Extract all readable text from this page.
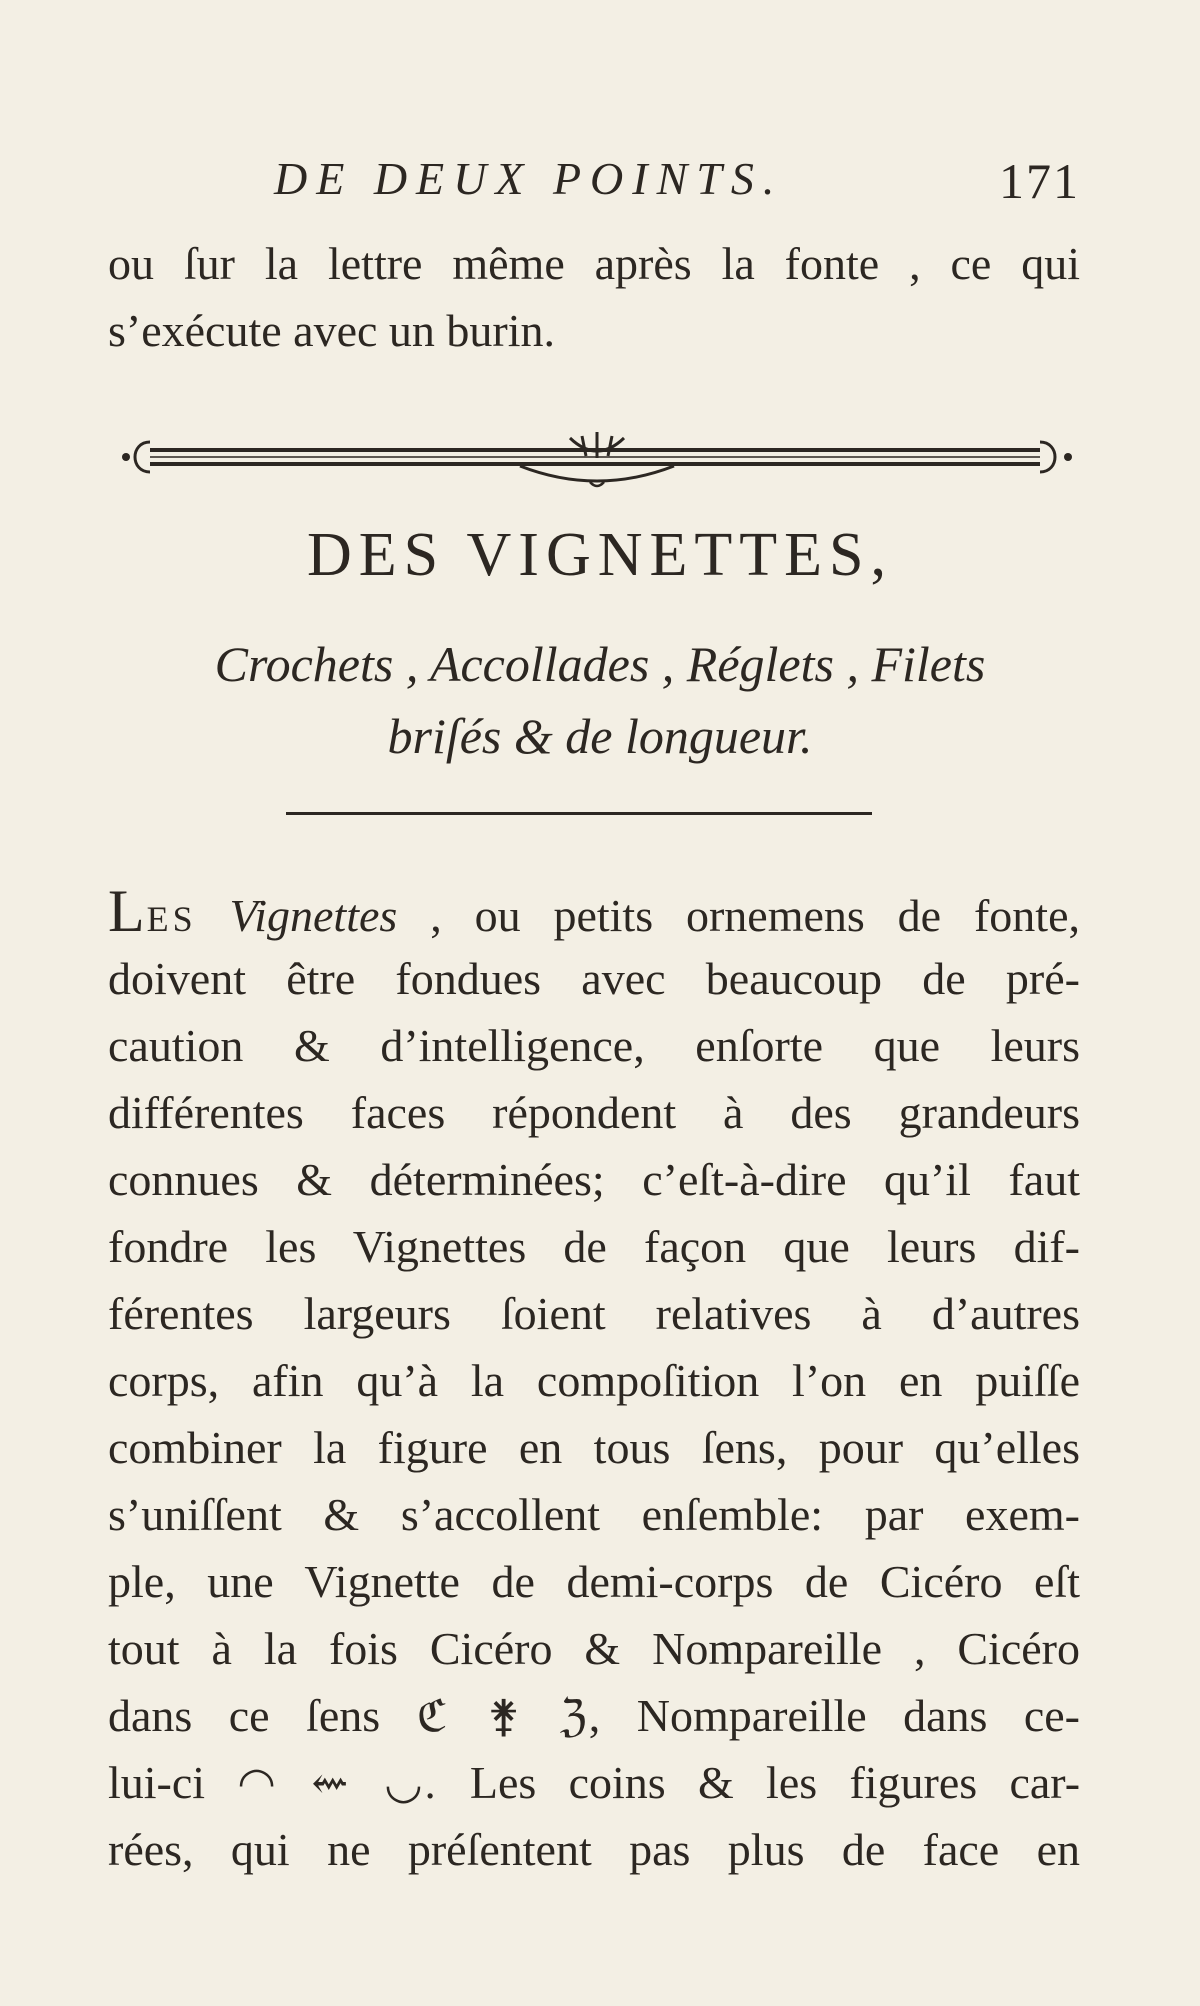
DE DEUX POINTS.	171
ou ſur la lettre même après la fonte , ce qui
s’exécute avec un burin.
DES VIGNETTES,
Crochets , Accollades , Réglets , Filets
briſés & de longueur.
LES Vignettes , ou petits ornemens de fonte,
doivent être fondues avec beaucoup de pré-
caution & d’intelligence, enſorte que leurs
différentes faces répondent à des grandeurs
connues & déterminées; c’eſt-à-dire qu’il faut
fondre les Vignettes de façon que leurs dif-
férentes largeurs ſoient relatives à d’autres
corps, afin qu’à la compoſition l’on en puiſſe
combiner la figure en tous ſens, pour qu’elles
s’uniſſent & s’accollent enſemble: par exem-
ple, une Vignette de demi-corps de Cicéro eſt
tout à la fois Cicéro & Nompareille , Cicéro
dans ce ſens ℭ ⚵ ℨ, Nompareille dans ce-
lui-ci ◠ ⇜ ◡. Les coins & les figures car-
rées, qui ne préſentent pas plus de face en
